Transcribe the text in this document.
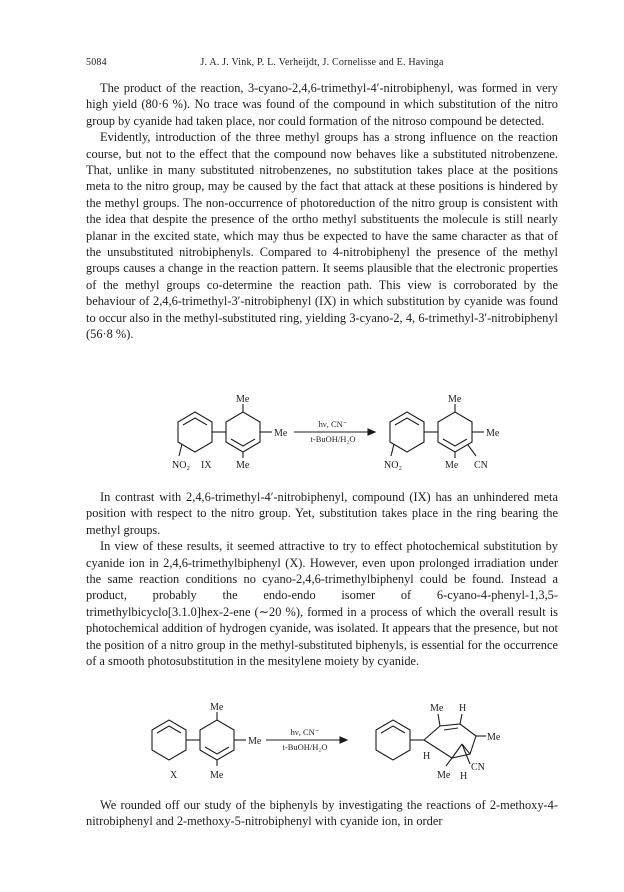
5084	J. A. J. Vink, P. L. Verheijdt, J. Cornelisse and E. Havinga

The product of the reaction, 3-cyano-2,4,6-trimethyl-4′-nitrobiphenyl, was formed in very high yield (80·6 %). No trace was found of the compound in which substitution of the nitro group by cyanide had taken place, nor could formation of the nitroso compound be detected.

Evidently, introduction of the three methyl groups has a strong influence on the reaction course, but not to the effect that the compound now behaves like a substituted nitrobenzene. That, unlike in many substituted nitrobenzenes, no substitution takes place at the positions meta to the nitro group, may be caused by the fact that attack at these positions is hindered by the methyl groups. The non-occurrence of photoreduction of the nitro group is consistent with the idea that despite the presence of the ortho methyl substituents the molecule is still nearly planar in the excited state, which may thus be expected to have the same character as that of the unsubstituted nitrobiphenyls. Compared to 4-nitrobiphenyl the presence of the methyl groups causes a change in the reaction pattern. It seems plausible that the electronic properties of the methyl groups co-determine the reaction path. This view is corroborated by the behaviour of 2,4,6-trimethyl-3′-nitrobiphenyl (IX) in which substitution by cyanide was found to occur also in the methyl-substituted ring, yielding 3-cyano-2, 4, 6-trimethyl-3′-nitrobiphenyl (56·8 %).

Me
Me
Me
NO₂ IX
hν, CN⁻
t-BuOH/H₂O
Me
Me
Me CN
NO₂

In contrast with 2,4,6-trimethyl-4′-nitrobiphenyl, compound (IX) has an unhindered meta position with respect to the nitro group. Yet, substitution takes place in the ring bearing the methyl groups.

In view of these results, it seemed attractive to try to effect photochemical substitution by cyanide ion in 2,4,6-trimethylbiphenyl (X). However, even upon prolonged irradiation under the same reaction conditions no cyano-2,4,6-trimethylbiphenyl could be found. Instead a product, probably the endo-endo isomer of 6-cyano-4-phenyl-1,3,5-trimethylbicyclo[3.1.0]hex-2-ene (∼20 %), formed in a process of which the overall result is photochemical addition of hydrogen cyanide, was isolated. It appears that the presence, but not the position of a nitro group in the methyl-substituted biphenyls, is essential for the occurrence of a smooth photosubstitution in the mesitylene moiety by cyanide.

Me
Me
Me
X
hν, CN⁻
t-BuOH/H₂O
Me H
Me
H
CN
Me H

We rounded off our study of the biphenyls by investigating the reactions of 2-methoxy-4-nitrobiphenyl and 2-methoxy-5-nitrobiphenyl with cyanide ion, in order
